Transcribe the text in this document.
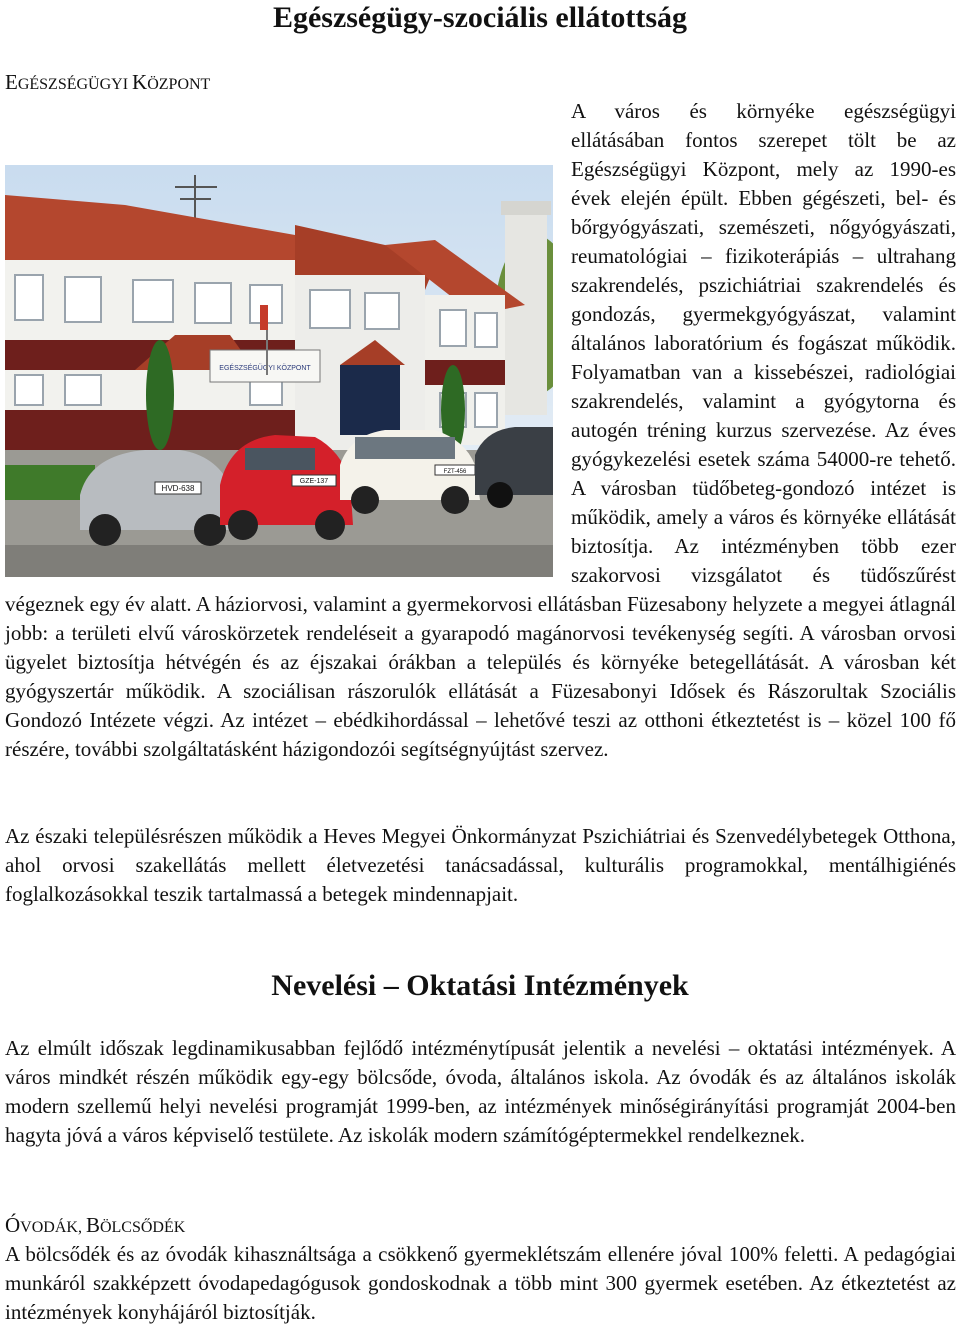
Egészségügy-szociális ellátottság
EGÉSZSÉGÜGYI KÖZPONT
EGÉSZSÉGÜGYI KÖZPONT
HVD-638
GZE-137
FZT-456
A város és környéke egészségügyi ellátásában fontos szerepet tölt be az Egészségügyi Központ, mely az 1990-es évek elején épült. Ebben gégészeti, bel- és bőrgyógyászati, szemészeti, nőgyógyászati, reumatológiai – fizikoterápiás – ultrahang szakrendelés, pszichiátriai szakrendelés és gondozás, gyermekgyógyászat, valamint általános laboratórium és fogászat működik. Folyamatban van a kissebészei, radiológiai szakrendelés, valamint a gyógytorna és autogén tréning kurzus szervezése. Az éves gyógykezelési esetek száma 54000-re tehető. A városban tüdőbeteg-gondozó intézet is működik, amely a város és környéke ellátását biztosítja. Az intézményben több ezer szakorvosi vizsgálatot és tüdőszűrést végeznek egy év alatt. A háziorvosi, valamint a gyermekorvosi ellátásban Füzesabony helyzete a megyei átlagnál jobb: a területi elvű városkörzetek rendeléseit a gyarapodó magánorvosi tevékenység segíti. A városban orvosi ügyelet biztosítja hétvégén és az éjszakai órákban a település és környéke betegellátását. A városban két gyógyszertár működik. A szociálisan rászorulók ellátását a Füzesabonyi Idősek és Rászorultak Szociális Gondozó Intézete végzi. Az intézet – ebédkihordással – lehetővé teszi az otthoni étkeztetést is – közel 100 fő részére, további szolgáltatásként házigondozói segítségnyújtást szervez.

Az északi településrészen működik a Heves Megyei Önkormányzat Pszichiátriai és Szenvedélybetegek Otthona, ahol orvosi szakellátás mellett életvezetési tanácsadással, kulturális programokkal, mentálhigiénés foglalkozásokkal teszik tartalmassá a betegek mindennapjait.

Nevelési – Oktatási Intézmények

Az elmúlt időszak legdinamikusabban fejlődő intézménytípusát jelentik a nevelési – oktatási intézmények. A város mindkét részén működik egy-egy bölcsőde, óvoda, általános iskola. Az óvodák és az általános iskolák modern szellemű helyi nevelési programját 1999-ben, az intézmények minőségirányítási programját 2004-ben hagyta jóvá a város képviselő testülete. Az iskolák modern számítógéptermekkel rendelkeznek.

ÓVODÁK, BÖLCSŐDÉK

A bölcsődék és az óvodák kihasználtsága a csökkenő gyermeklétszám ellenére jóval 100% feletti. A pedagógiai munkáról szakképzett óvodapedagógusok gondoskodnak a több mint 300 gyermek esetében. Az étkeztetést az intézmények konyhájáról biztosítják.
